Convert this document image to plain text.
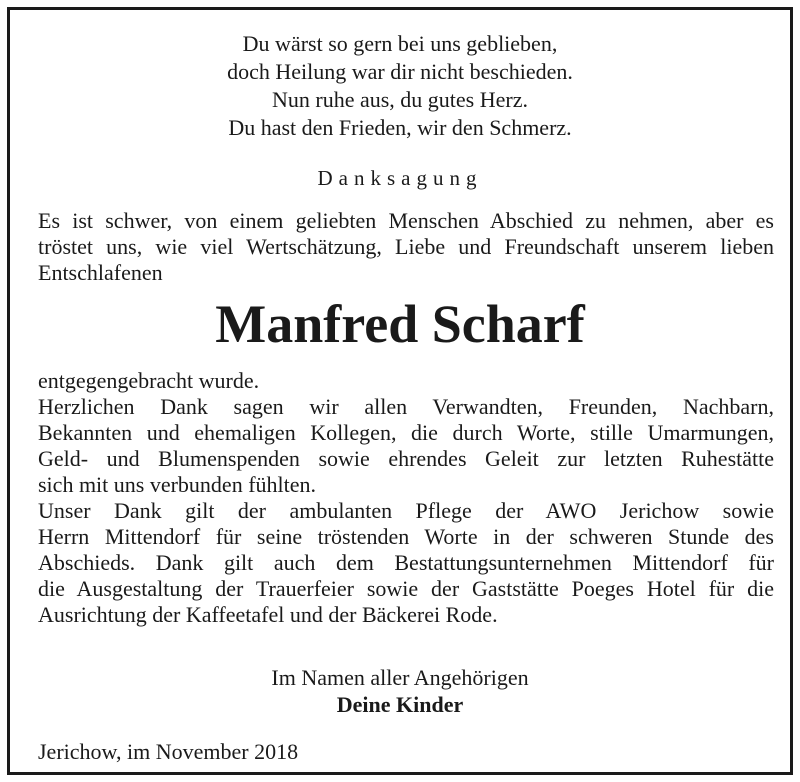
Du wärst so gern bei uns geblieben,
doch Heilung war dir nicht beschieden.
Nun ruhe aus, du gutes Herz.
Du hast den Frieden, wir den Schmerz.
Danksagung
Es ist schwer, von einem geliebten Menschen Abschied zu nehmen, aber es
tröstet uns, wie viel Wertschätzung, Liebe und Freundschaft unserem lieben
Entschlafenen
Manfred Scharf
entgegengebracht wurde.
Herzlichen Dank sagen wir allen Verwandten, Freunden, Nachbarn,
Bekannten und ehemaligen Kollegen, die durch Worte, stille Umarmungen,
Geld- und Blumenspenden sowie ehrendes Geleit zur letzten Ruhestätte
sich mit uns verbunden fühlten.
Unser Dank gilt der ambulanten Pflege der AWO Jerichow sowie
Herrn Mittendorf für seine tröstenden Worte in der schweren Stunde des
Abschieds. Dank gilt auch dem Bestattungsunternehmen Mittendorf für
die Ausgestaltung der Trauerfeier sowie der Gaststätte Poeges Hotel für die
Ausrichtung der Kaffeetafel und der Bäckerei Rode.
Im Namen aller Angehörigen
Deine Kinder
Jerichow, im November 2018
